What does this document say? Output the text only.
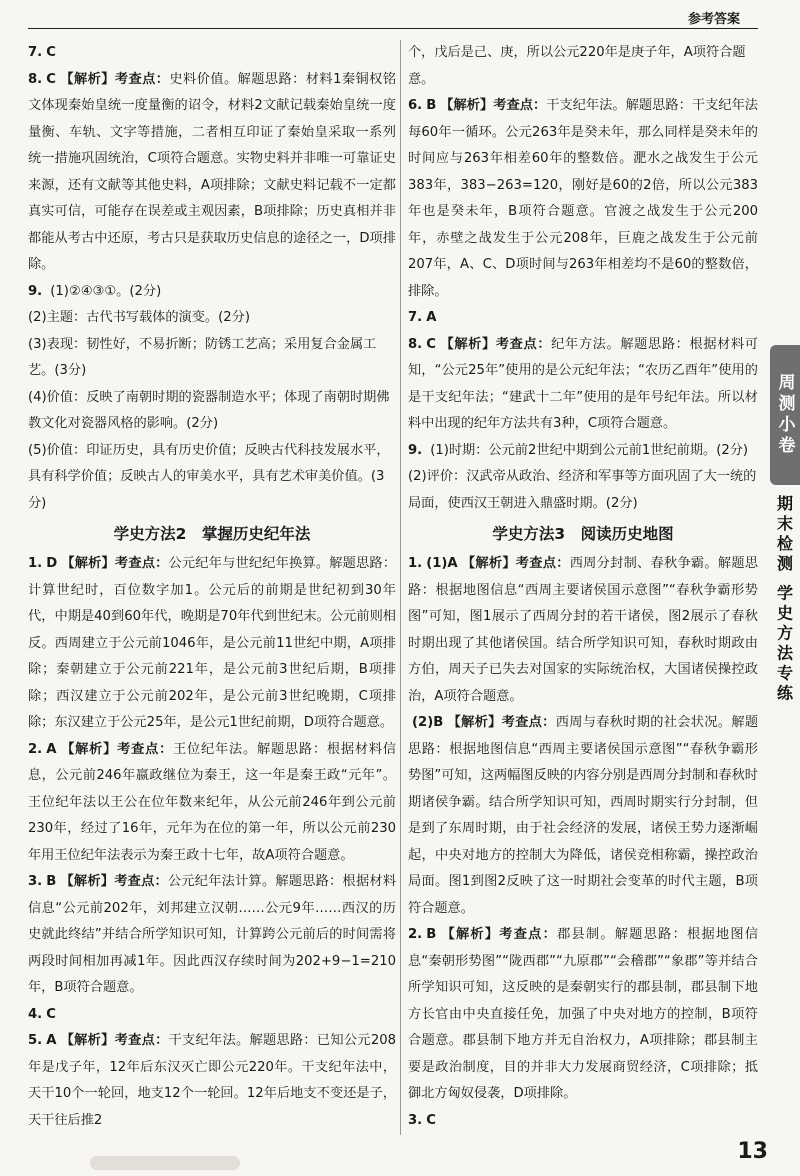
参考答案

7. C

8. C 【解析】考查点：史料价值。解题思路：材料1秦铜权铭文体现秦始皇统一度量衡的诏令，材料2文献记载秦始皇统一度量衡、车轨、文字等措施，二者相互印证了秦始皇采取一系列统一措施巩固统治，C项符合题意。实物史料并非唯一可靠证史来源，还有文献等其他史料，A项排除；文献史料记载不一定都真实可信，可能存在误差或主观因素，B项排除；历史真相并非都能从考古中还原，考古只是获取历史信息的途径之一，D项排除。

9. (1)②④③①。(2分)

(2)主题：古代书写载体的演变。(2分)

(3)表现：韧性好，不易折断；防锈工艺高；采用复合金属工艺。(3分)

(4)价值：反映了南朝时期的瓷器制造水平；体现了南朝时期佛教文化对瓷器风格的影响。(2分)

(5)价值：印证历史，具有历史价值；反映古代科技发展水平，具有科学价值；反映古人的审美水平，具有艺术审美价值。(3分)

学史方法2　掌握历史纪年法

1. D 【解析】考查点：公元纪年与世纪纪年换算。解题思路：计算世纪时，百位数字加1。公元后的前期是世纪初到30年代，中期是40到60年代，晚期是70年代到世纪末。公元前则相反。西周建立于公元前1046年，是公元前11世纪中期，A项排除；秦朝建立于公元前221年，是公元前3世纪后期，B项排除；西汉建立于公元前202年，是公元前3世纪晚期，C项排除；东汉建立于公元25年，是公元1世纪前期，D项符合题意。

2. A 【解析】考查点：王位纪年法。解题思路：根据材料信息，公元前246年嬴政继位为秦王，这一年是秦王政“元年”。王位纪年法以王公在位年数来纪年，从公元前246年到公元前230年，经过了16年，元年为在位的第一年，所以公元前230年用王位纪年法表示为秦王政十七年，故A项符合题意。

3. B 【解析】考查点：公元纪年法计算。解题思路：根据材料信息“公元前202年，刘邦建立汉朝……公元9年……西汉的历史就此终结”并结合所学知识可知，计算跨公元前后的时间需将两段时间相加再减1年。因此西汉存续时间为202+9−1=210年，B项符合题意。

4. C

5. A 【解析】考查点：干支纪年法。解题思路：已知公元208年是戊子年，12年后东汉灭亡即公元220年。干支纪年法中，天干10个一轮回，地支12个一轮回。12年后地支不变还是子，天干往后推2

个，戊后是己、庚，所以公元220年是庚子年，A项符合题意。

6. B 【解析】考查点：干支纪年法。解题思路：干支纪年法每60年一循环。公元263年是癸未年，那么同样是癸未年的时间应与263年相差60年的整数倍。淝水之战发生于公元383年，383−263=120，刚好是60的2倍，所以公元383年也是癸未年，B项符合题意。官渡之战发生于公元200年，赤壁之战发生于公元208年，巨鹿之战发生于公元前207年，A、C、D项时间与263年相差均不是60的整数倍，排除。

7. A

8. C 【解析】考查点：纪年方法。解题思路：根据材料可知，“公元25年”使用的是公元纪年法；“农历乙酉年”使用的是干支纪年法；“建武十二年”使用的是年号纪年法。所以材料中出现的纪年方法共有3种，C项符合题意。

9. (1)时期：公元前2世纪中期到公元前1世纪前期。(2分)

(2)评价：汉武帝从政治、经济和军事等方面巩固了大一统的局面，使西汉王朝进入鼎盛时期。(2分)

学史方法3　阅读历史地图

1. (1)A 【解析】考查点：西周分封制、春秋争霸。解题思路：根据地图信息“西周主要诸侯国示意图”“春秋争霸形势图”可知，图1展示了西周分封的若干诸侯，图2展示了春秋时期出现了其他诸侯国。结合所学知识可知，春秋时期政由方伯，周天子已失去对国家的实际统治权，大国诸侯操控政治，A项符合题意。

(2)B 【解析】考查点：西周与春秋时期的社会状况。解题思路：根据地图信息“西周主要诸侯国示意图”“春秋争霸形势图”可知，这两幅图反映的内容分别是西周分封制和春秋时期诸侯争霸。结合所学知识可知，西周时期实行分封制，但是到了东周时期，由于社会经济的发展，诸侯王势力逐渐崛起，中央对地方的控制大为降低，诸侯竞相称霸，操控政治局面。图1到图2反映了这一时期社会变革的时代主题，B项符合题意。

2. B 【解析】考查点：郡县制。解题思路：根据地图信息“秦朝形势图”“陇西郡”“九原郡”“会稽郡”“象郡”等并结合所学知识可知，这反映的是秦朝实行的郡县制，郡县制下地方长官由中央直接任免，加强了中央对地方的控制，B项符合题意。郡县制下地方并无自治权力，A项排除；郡县制主要是政治制度，目的并非大力发展商贸经济，C项排除；抵御北方匈奴侵袭，D项排除。

3. C

周测小卷
期末检测 学史方法专练
13
